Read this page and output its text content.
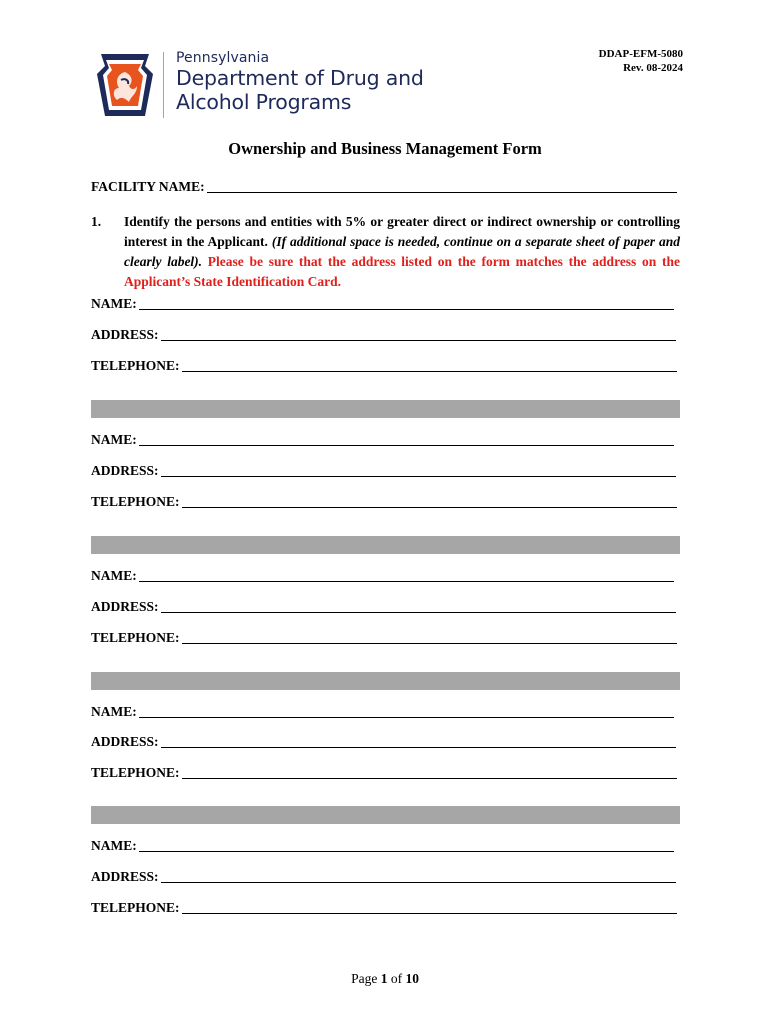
Pennsylvania
Department of Drug and
Alcohol Programs
DDAP-EFM-5080
Rev. 08-2024
Ownership and Business Management Form
FACILITY NAME:
1. Identify the persons and entities with 5% or greater direct or indirect ownership or controlling interest in the Applicant. (If additional space is needed, continue on a separate sheet of paper and clearly label). Please be sure that the address listed on the form matches the address on the Applicant’s State Identification Card.
NAME:
ADDRESS:
TELEPHONE:
NAME:
ADDRESS:
TELEPHONE:
NAME:
ADDRESS:
TELEPHONE:
NAME:
ADDRESS:
TELEPHONE:
NAME:
ADDRESS:
TELEPHONE:
Page 1 of 10
